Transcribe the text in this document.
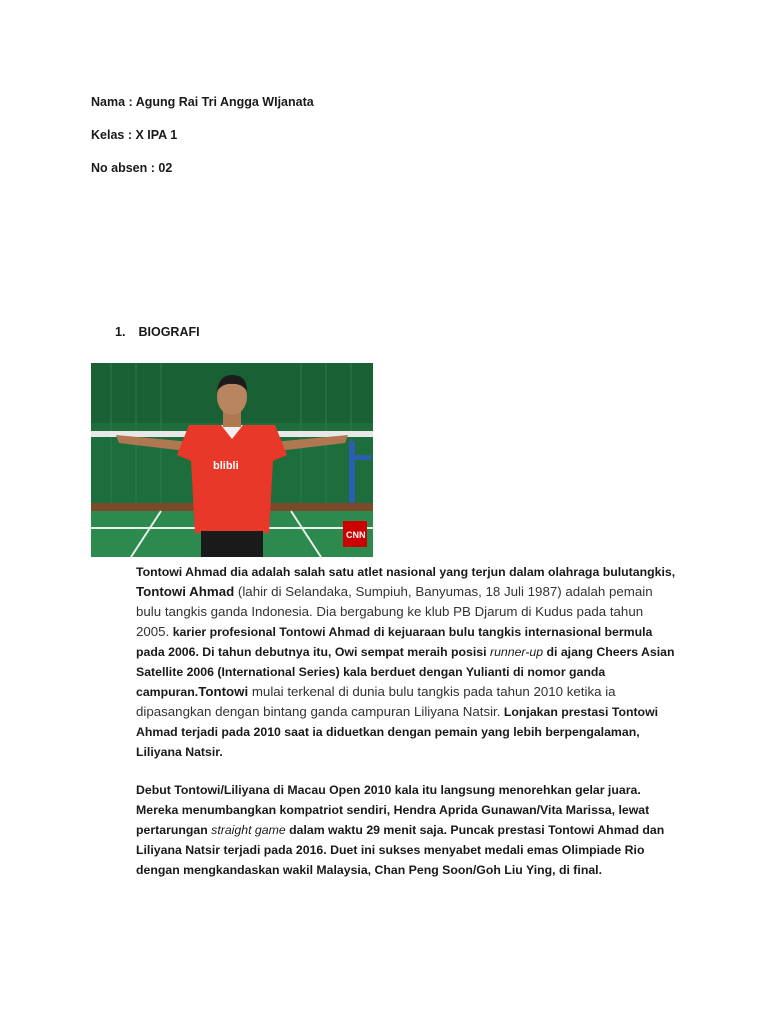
Nama : Agung Rai Tri Angga WIjanata
Kelas : X IPA 1
No absen : 02
1. BIOGRAFI
blibli
CNN
Tontowi Ahmad dia adalah salah satu atlet nasional yang terjun dalam olahraga bulutangkis, Tontowi Ahmad (lahir di Selandaka, Sumpiuh, Banyumas, 18 Juli 1987) adalah pemain bulu tangkis ganda Indonesia. Dia bergabung ke klub PB Djarum di Kudus pada tahun 2005. karier profesional Tontowi Ahmad di kejuaraan bulu tangkis internasional bermula pada 2006. Di tahun debutnya itu, Owi sempat meraih posisi runner-up di ajang Cheers Asian Satellite 2006 (International Series) kala berduet dengan Yulianti di nomor ganda campuran.Tontowi mulai terkenal di dunia bulu tangkis pada tahun 2010 ketika ia dipasangkan dengan bintang ganda campuran Liliyana Natsir. Lonjakan prestasi Tontowi Ahmad terjadi pada 2010 saat ia diduetkan dengan pemain yang lebih berpengalaman, Liliyana Natsir.
Debut Tontowi/Liliyana di Macau Open 2010 kala itu langsung menorehkan gelar juara. Mereka menumbangkan kompatriot sendiri, Hendra Aprida Gunawan/Vita Marissa, lewat pertarungan straight game dalam waktu 29 menit saja. Puncak prestasi Tontowi Ahmad dan Liliyana Natsir terjadi pada 2016. Duet ini sukses menyabet medali emas Olimpiade Rio dengan mengkandaskan wakil Malaysia, Chan Peng Soon/Goh Liu Ying, di final.
